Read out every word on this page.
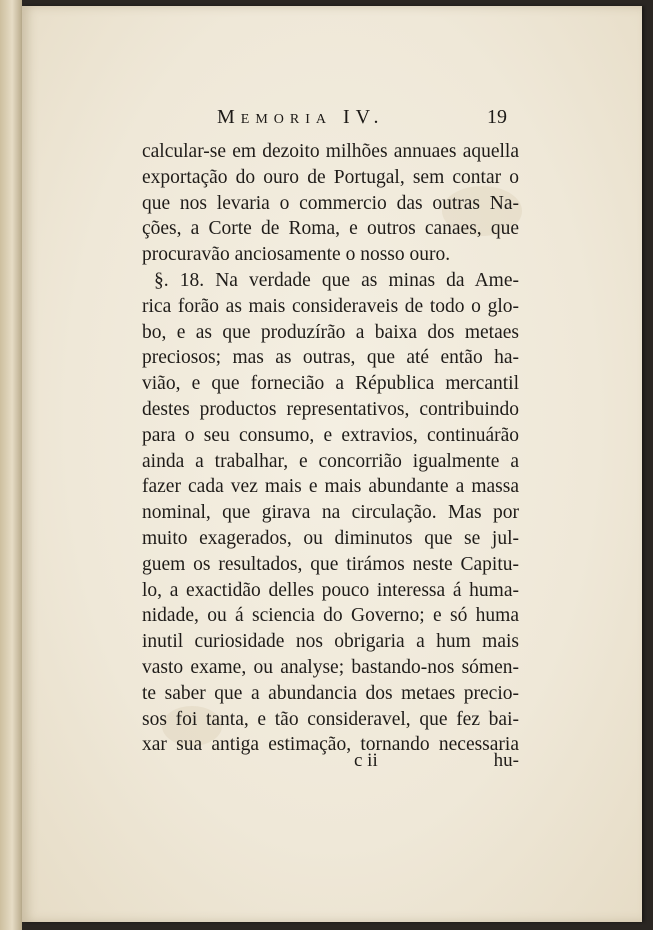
Memoria IV.	19
calcular-se em dezoito milhões annuaes aquella
exportação do ouro de Portugal, sem contar o
que nos levaria o commercio das outras Na-
ções, a Corte de Roma, e outros canaes, que
procuravão anciosamente o nosso ouro.
§. 18. Na verdade que as minas da Ame-
rica forão as mais consideraveis de todo o glo-
bo, e as que produzírão a baixa dos metaes
preciosos; mas as outras, que até então ha-
vião, e que fornecião a Républica mercantil
destes productos representativos, contribuindo
para o seu consumo, e extravios, continuárão
ainda a trabalhar, e concorrião igualmente a
fazer cada vez mais e mais abundante a massa
nominal, que girava na circulação. Mas por
muito exagerados, ou diminutos que se jul-
guem os resultados, que tirámos neste Capitu-
lo, a exactidão delles pouco interessa á huma-
nidade, ou á sciencia do Governo; e só huma
inutil curiosidade nos obrigaria a hum mais
vasto exame, ou analyse; bastando-nos sómen-
te saber que a abundancia dos metaes precio-
sos foi tanta, e tão consideravel, que fez bai-
xar sua antiga estimação, tornando necessaria
c ii	hu-
